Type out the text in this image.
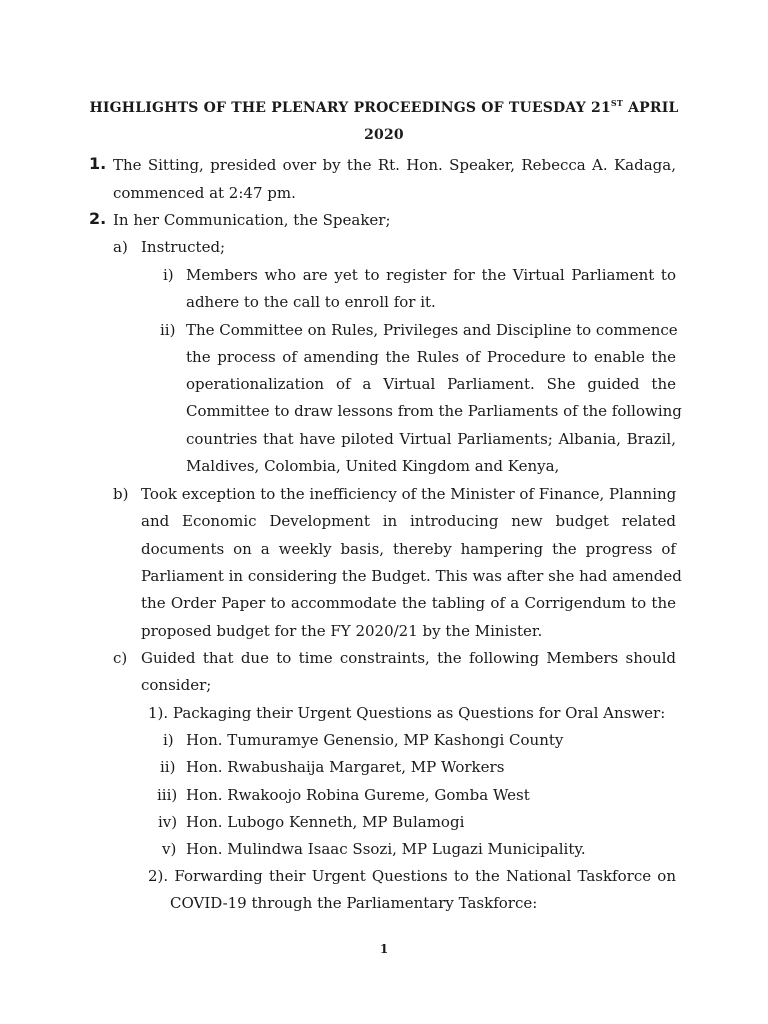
HIGHLIGHTS OF THE PLENARY PROCEEDINGS OF TUESDAY 21ST APRIL
2020
1. The Sitting, presided over by the Rt. Hon. Speaker, Rebecca A. Kadaga,
commenced at 2:47 pm.
2. In her Communication, the Speaker;
a) Instructed;
i) Members who are yet to register for the Virtual Parliament to
adhere to the call to enroll for it.
ii) The Committee on Rules, Privileges and Discipline to commence
the process of amending the Rules of Procedure to enable the
operationalization of a Virtual Parliament. She guided the
Committee to draw lessons from the Parliaments of the following
countries that have piloted Virtual Parliaments; Albania, Brazil,
Maldives, Colombia, United Kingdom and Kenya,
b) Took exception to the inefficiency of the Minister of Finance, Planning
and Economic Development in introducing new budget related
documents on a weekly basis, thereby hampering the progress of
Parliament in considering the Budget. This was after she had amended
the Order Paper to accommodate the tabling of a Corrigendum to the
proposed budget for the FY 2020/21 by the Minister.
c) Guided that due to time constraints, the following Members should
consider;
1). Packaging their Urgent Questions as Questions for Oral Answer:
i) Hon. Tumuramye Genensio, MP Kashongi County
ii) Hon. Rwabushaija Margaret, MP Workers
iii) Hon. Rwakoojo Robina Gureme, Gomba West
iv) Hon. Lubogo Kenneth, MP Bulamogi
v) Hon. Mulindwa Isaac Ssozi, MP Lugazi Municipality.
2). Forwarding their Urgent Questions to the National Taskforce on
COVID-19 through the Parliamentary Taskforce:
1
